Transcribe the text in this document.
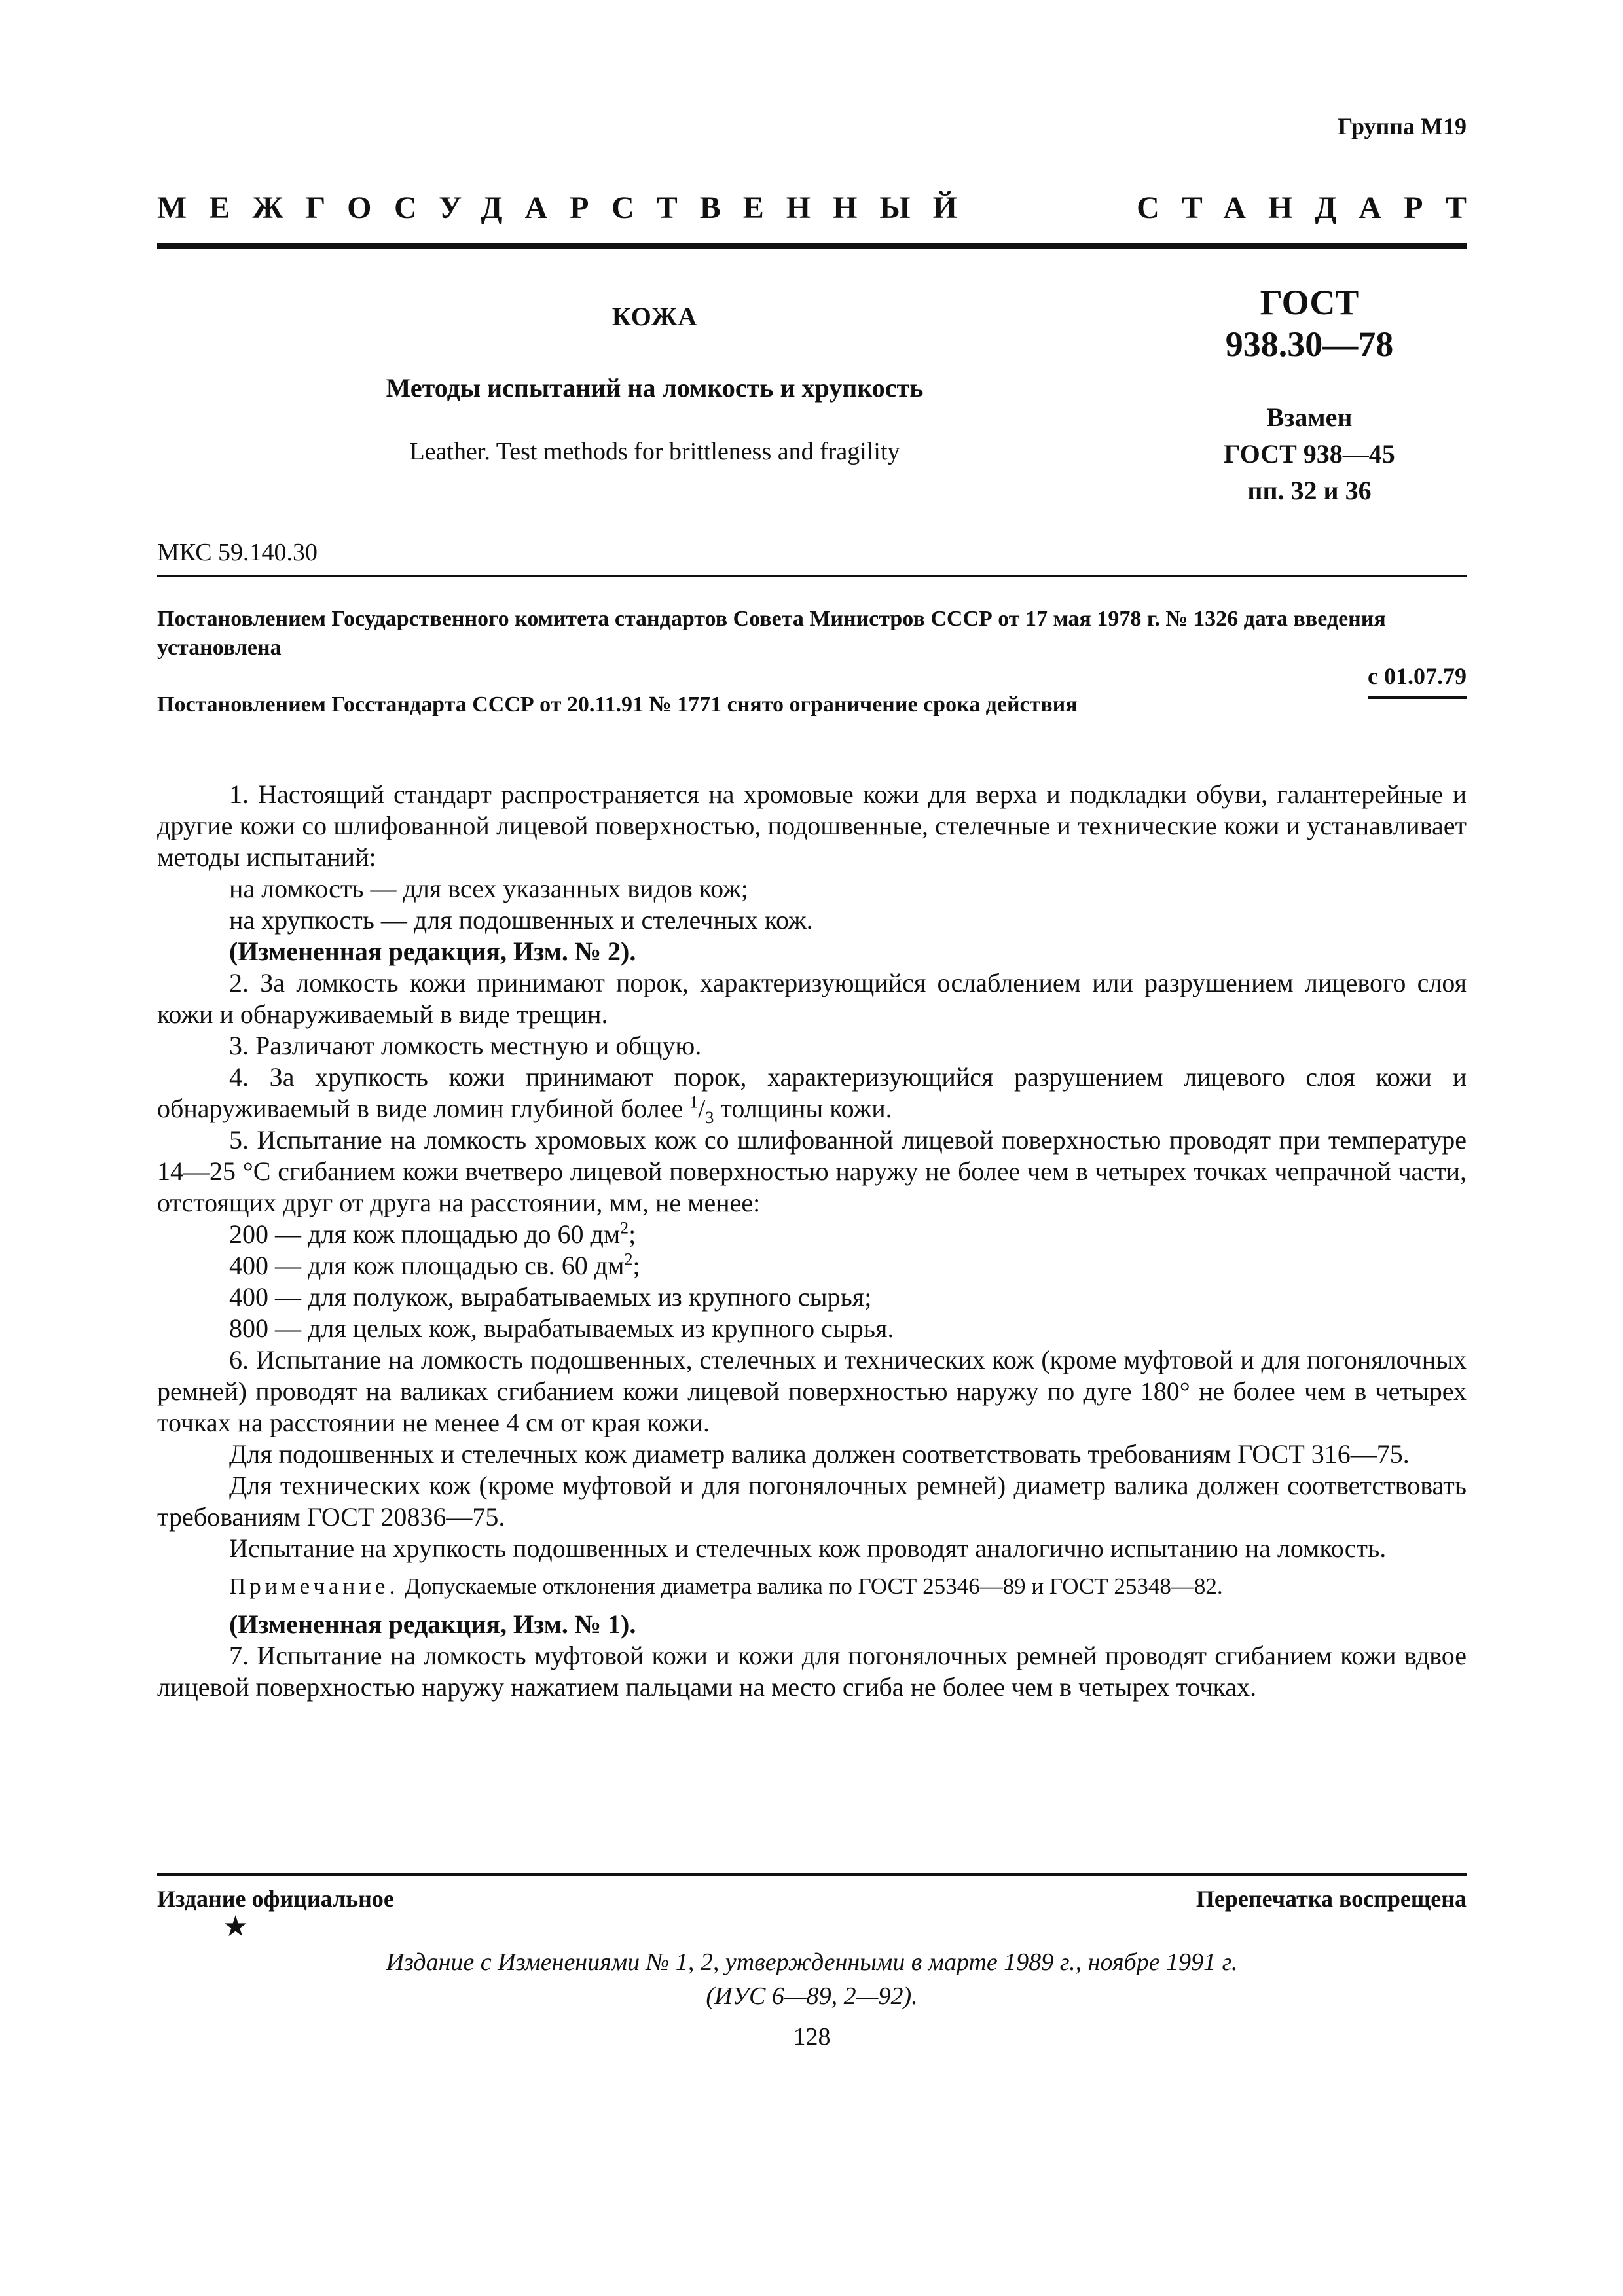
Группа М19
МЕЖГОСУДАРСТВЕННЫЙ	СТАНДАРТ
КОЖА
Методы испытаний на ломкость и хрупкость
Leather. Test methods for brittleness and fragility
ГОСТ
938.30—78
Взамен
ГОСТ 938—45
пп. 32 и 36
МКС 59.140.30
Постановлением Государственного комитета стандартов Совета Министров СССР от 17 мая 1978 г. № 1326 дата введения установлена
с 01.07.79
Постановлением Госстандарта СССР от 20.11.91 № 1771 снято ограничение срока действия

1. Настоящий стандарт распространяется на хромовые кожи для верха и подкладки обуви, галантерейные и другие кожи со шлифованной лицевой поверхностью, подошвенные, стелечные и технические кожи и устанавливает методы испытаний:

на ломкость — для всех указанных видов кож;

на хрупкость — для подошвенных и стелечных кож.

(Измененная редакция, Изм. № 2).

2. За ломкость кожи принимают порок, характеризующийся ослаблением или разрушением лицевого слоя кожи и обнаруживаемый в виде трещин.

3. Различают ломкость местную и общую.

4. За хрупкость кожи принимают порок, характеризующийся разрушением лицевого слоя кожи и обнаруживаемый в виде ломин глубиной более $^1/_3$ толщины кожи.

5. Испытание на ломкость хромовых кож со шлифованной лицевой поверхностью проводят при температуре 14—25 °С сгибанием кожи вчетверо лицевой поверхностью наружу не более чем в четырех точках чепрачной части, отстоящих друг от друга на расстоянии, мм, не менее:

200 — для кож площадью до 60 $дм^2$;

400 — для кож площадью св. 60 $дм^2$;

400 — для полукож, вырабатываемых из крупного сырья;

800 — для целых кож, вырабатываемых из крупного сырья.

6. Испытание на ломкость подошвенных, стелечных и технических кож (кроме муфтовой и для погонялочных ремней) проводят на валиках сгибанием кожи лицевой поверхностью наружу по дуге 180° не более чем в четырех точках на расстоянии не менее 4 см от края кожи.

Для подошвенных и стелечных кож диаметр валика должен соответствовать требованиям ГОСТ 316—75.

Для технических кож (кроме муфтовой и для погонялочных ремней) диаметр валика должен соответствовать требованиям ГОСТ 20836—75.

Испытание на хрупкость подошвенных и стелечных кож проводят аналогично испытанию на ломкость.

Примечание. Допускаемые отклонения диаметра валика по ГОСТ 25346—89 и ГОСТ 25348—82.

(Измененная редакция, Изм. № 1).

7. Испытание на ломкость муфтовой кожи и кожи для погонялочных ремней проводят сгибанием кожи вдвое лицевой поверхностью наружу нажатием пальцами на место сгиба не более чем в четырех точках.

Издание официальное	Перепечатка воспрещена
★
Издание с Изменениями № 1, 2, утвержденными в марте 1989 г., ноябре 1991 г.
(ИУС 6—89, 2—92).
128
